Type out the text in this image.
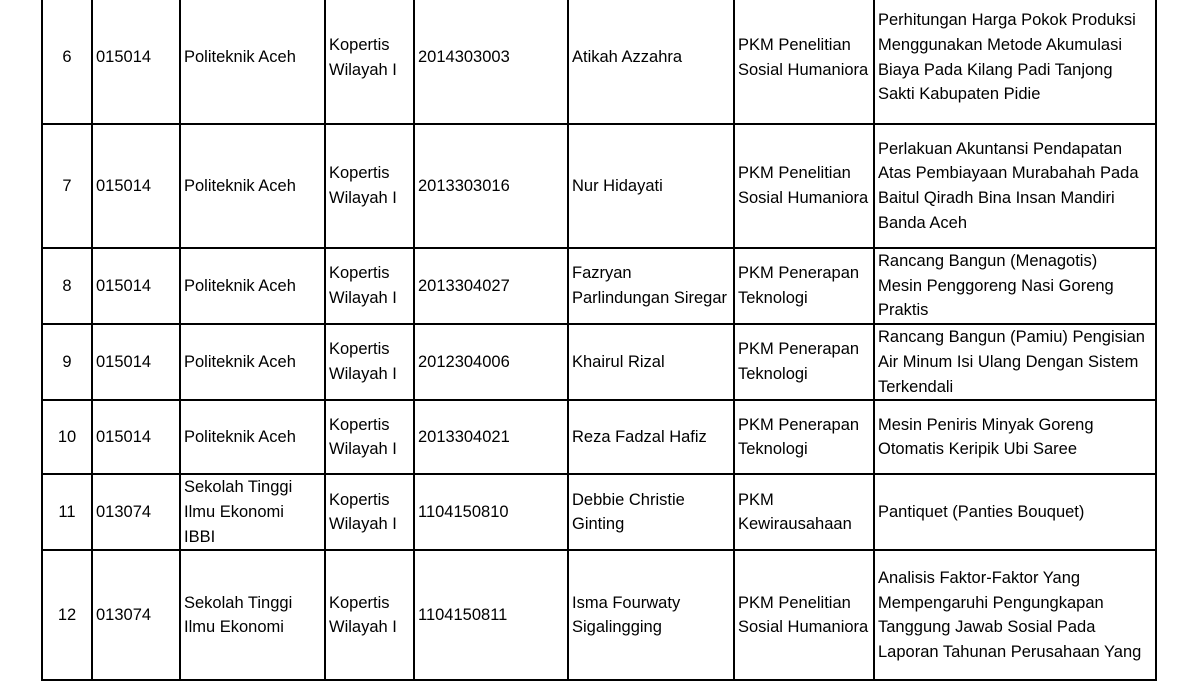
6	015014	Politeknik Aceh	Kopertis
Wilayah I	2014303003	Atikah Azzahra	PKM Penelitian
Sosial Humaniora	Perhitungan Harga Pokok Produksi
Menggunakan Metode Akumulasi
Biaya Pada Kilang Padi Tanjong
Sakti Kabupaten Pidie

7	015014	Politeknik Aceh	Kopertis
Wilayah I	2013303016	Nur Hidayati	PKM Penelitian
Sosial Humaniora	Perlakuan Akuntansi Pendapatan
Atas Pembiayaan Murabahah Pada
Baitul Qiradh Bina Insan Mandiri
Banda Aceh

8	015014	Politeknik Aceh	Kopertis
Wilayah I	2013304027	Fazryan
Parlindungan Siregar	PKM Penerapan
Teknologi	Rancang Bangun (Menagotis)
Mesin Penggoreng Nasi Goreng
Praktis

9	015014	Politeknik Aceh	Kopertis
Wilayah I	2012304006	Khairul Rizal	PKM Penerapan
Teknologi	Rancang Bangun (Pamiu) Pengisian
Air Minum Isi Ulang Dengan Sistem
Terkendali

10	015014	Politeknik Aceh	Kopertis
Wilayah I	2013304021	Reza Fadzal Hafiz	PKM Penerapan
Teknologi	Mesin Peniris Minyak Goreng
Otomatis Keripik Ubi Saree

11	013074	Sekolah Tinggi
Ilmu Ekonomi
IBBI	Kopertis
Wilayah I	1104150810	Debbie Christie
Ginting	PKM
Kewirausahaan	Pantiquet (Panties Bouquet)

12	013074	Sekolah Tinggi
Ilmu Ekonomi	Kopertis
Wilayah I	1104150811	Isma Fourwaty
Sigalingging	PKM Penelitian
Sosial Humaniora	Analisis Faktor-Faktor Yang
Mempengaruhi Pengungkapan
Tanggung Jawab Sosial Pada
Laporan Tahunan Perusahaan Yang
